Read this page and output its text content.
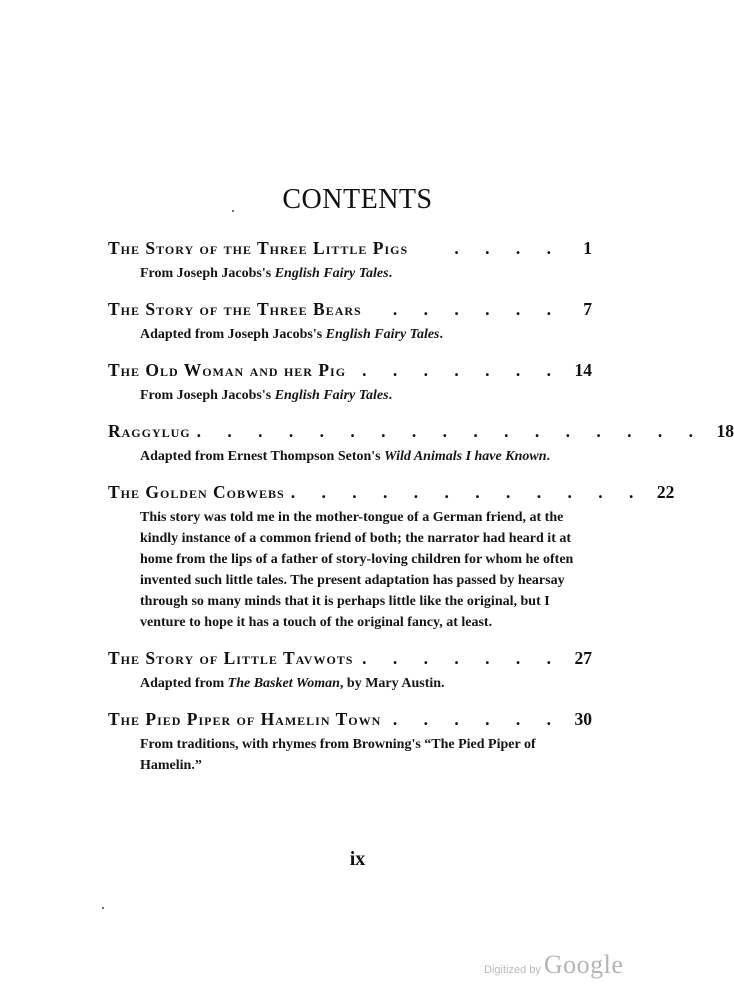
CONTENTS
The Story of the Three Little Pigs	. . . .	1
From Joseph Jacobs's English Fairy Tales.
The Story of the Three Bears	. . . . . .	7
Adapted from Joseph Jacobs's English Fairy Tales.
The Old Woman and her Pig . . . . . . . 14
From Joseph Jacobs's English Fairy Tales.
Raggylug . . . . . . . . . . . . . . . . . 18
Adapted from Ernest Thompson Seton's Wild Animals I have Known.
The Golden Cobwebs . . . . . . . . . . . . 22
This story was told me in the mother-tongue of a German friend, at the kindly instance of a common friend of both; the narrator had heard it at home from the lips of a father of story-loving children for whom he often invented such little tales. The present adaptation has passed by hearsay through so many minds that it is perhaps little like the original, but I venture to hope it has a touch of the original fancy, at least.
The Story of Little Tavwots . . . . . . . 27
Adapted from The Basket Woman, by Mary Austin.
The Pied Piper of Hamelin Town . . . . . . 30
From traditions, with rhymes from Browning's “The Pied Piper of Hamelin.”
ix
Digitized by Google
